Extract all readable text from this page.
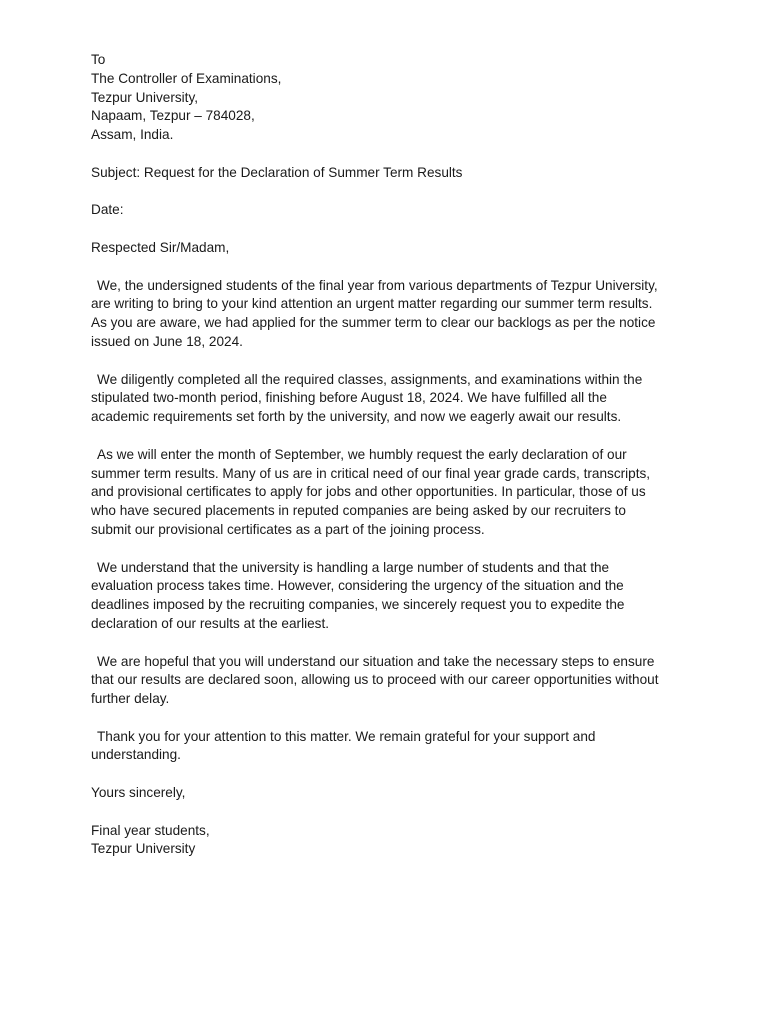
To

The Controller of Examinations,

Tezpur University,

Napaam, Tezpur – 784028,

Assam, India.

Subject: Request for the Declaration of Summer Term Results

Date:

Respected Sir/Madam,

We, the undersigned students of the final year from various departments of Tezpur University,

are writing to bring to your kind attention an urgent matter regarding our summer term results.

As you are aware, we had applied for the summer term to clear our backlogs as per the notice

issued on June 18, 2024.

We diligently completed all the required classes, assignments, and examinations within the

stipulated two-month period, finishing before August 18, 2024. We have fulfilled all the

academic requirements set forth by the university, and now we eagerly await our results.

As we will enter the month of September, we humbly request the early declaration of our

summer term results. Many of us are in critical need of our final year grade cards, transcripts,

and provisional certificates to apply for jobs and other opportunities. In particular, those of us

who have secured placements in reputed companies are being asked by our recruiters to

submit our provisional certificates as a part of the joining process.

We understand that the university is handling a large number of students and that the

evaluation process takes time. However, considering the urgency of the situation and the

deadlines imposed by the recruiting companies, we sincerely request you to expedite the

declaration of our results at the earliest.

We are hopeful that you will understand our situation and take the necessary steps to ensure

that our results are declared soon, allowing us to proceed with our career opportunities without

further delay.

Thank you for your attention to this matter. We remain grateful for your support and

understanding.

Yours sincerely,

Final year students,

Tezpur University
